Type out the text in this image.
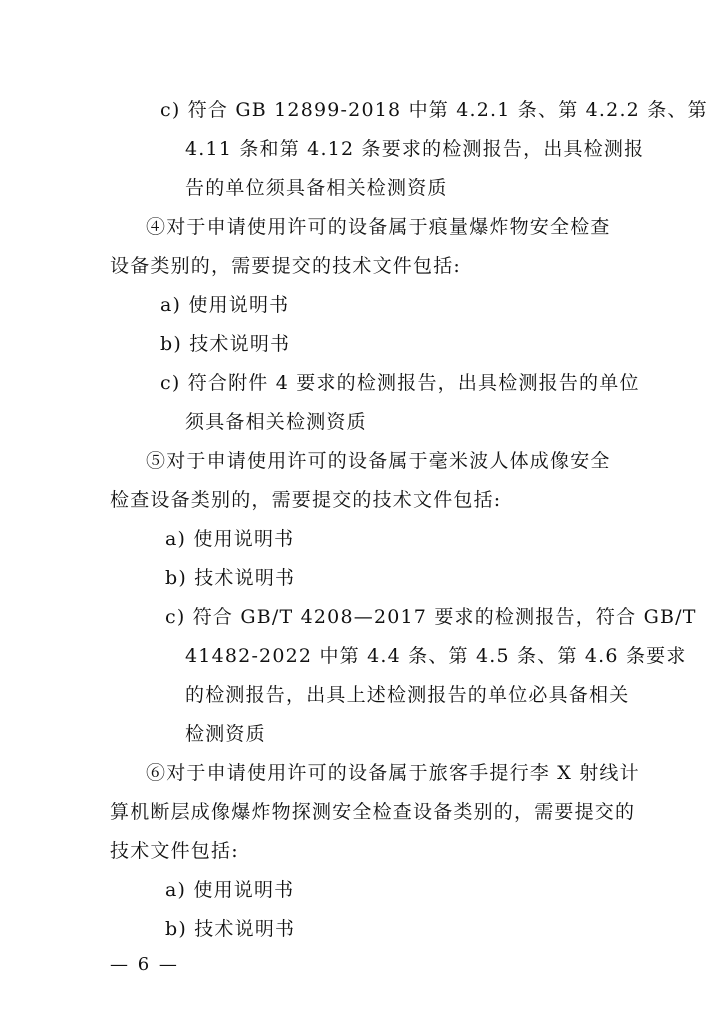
c) 符合 GB 12899-2018 中第 4.2.1 条、第 4.2.2 条、第
4.11 条和第 4.12 条要求的检测报告，出具检测报
告的单位须具备相关检测资质
④对于申请使用许可的设备属于痕量爆炸物安全检查
设备类别的，需要提交的技术文件包括:
a) 使用说明书
b) 技术说明书
c) 符合附件 4 要求的检测报告，出具检测报告的单位
须具备相关检测资质
⑤对于申请使用许可的设备属于毫米波人体成像安全
检查设备类别的，需要提交的技术文件包括:
a) 使用说明书
b) 技术说明书
c) 符合 GB/T 4208—2017 要求的检测报告，符合 GB/T
41482-2022 中第 4.4 条、第 4.5 条、第 4.6 条要求
的检测报告，出具上述检测报告的单位必具备相关
检测资质
⑥对于申请使用许可的设备属于旅客手提行李 X 射线计
算机断层成像爆炸物探测安全检查设备类别的，需要提交的
技术文件包括:
a) 使用说明书
b) 技术说明书
— 6 —
